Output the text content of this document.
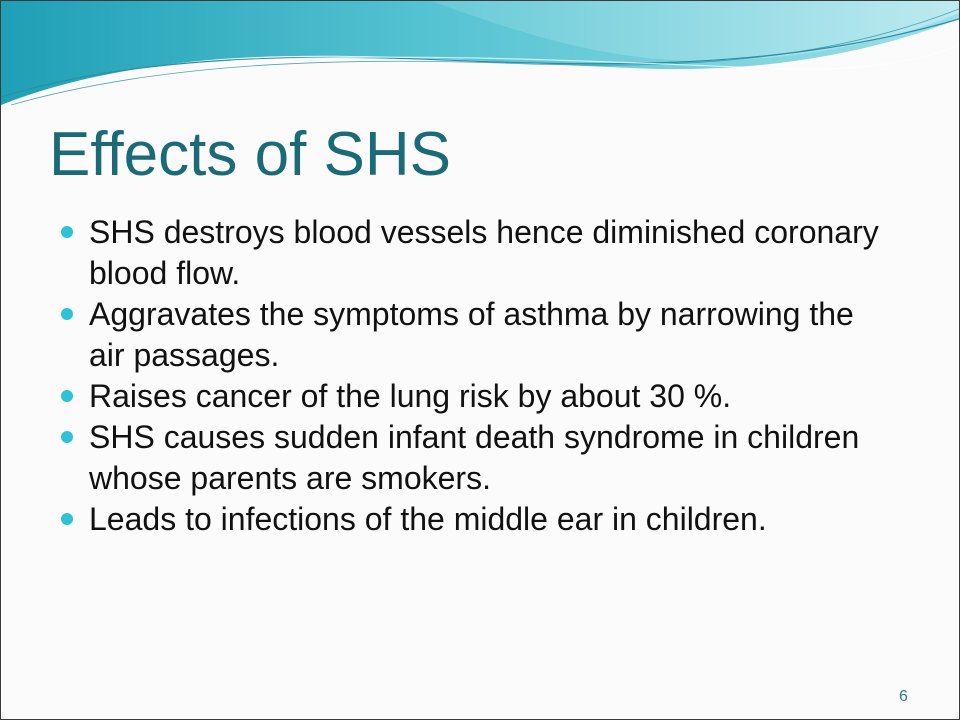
Effects of SHS
SHS destroys blood vessels hence diminished coronary blood flow.
Aggravates the symptoms of asthma by narrowing the air passages.
Raises cancer of the lung risk by about 30 %.
SHS causes sudden infant death syndrome in children whose parents are smokers.
Leads to infections of the middle ear in children.
6
